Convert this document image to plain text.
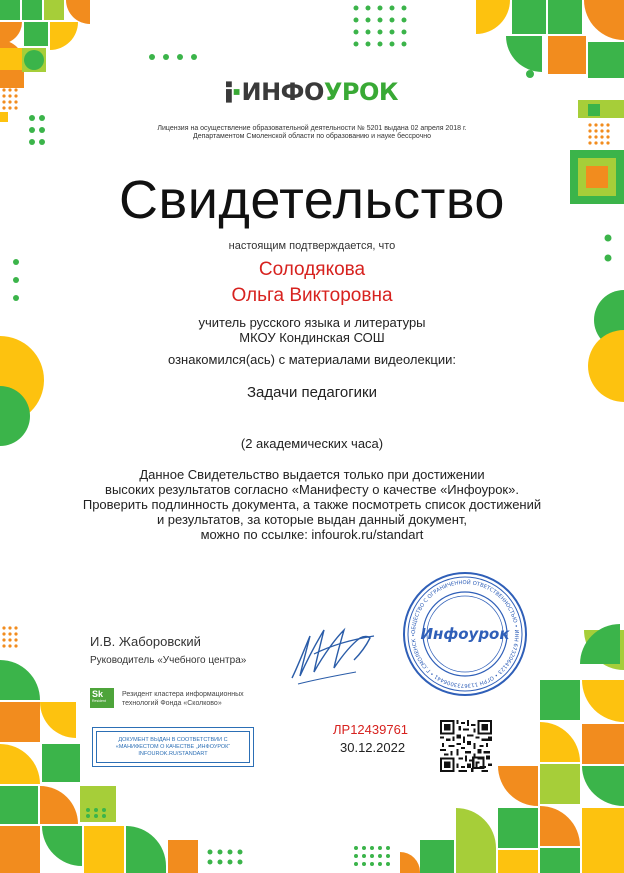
ИНФОУРОК
Лицензия на осуществление образовательной деятельности № 5201 выдана 02 апреля 2018 г.
Департаментом Смоленской области по образованию и науке бессрочно
Свидетельство
настоящим подтверждается, что
Солодякова
Ольга Викторовна
учитель русского языка и литературы
МКОУ Кондинская СОШ
ознакомился(ась) с материалами видеолекции:
Задачи педагогики
(2 академических часа)
Данное Свидетельство выдается только при достижении
высоких результатов согласно «Манифесту о качестве «Инфоурок».
Проверить подлинность документа, а также посмотреть список достижений
и результатов, за которые выдан данный документ,
можно по ссылке: infourok.ru/standart
И.В. Жаборовский
Руководитель «Учебного центра»
ОБЩЕСТВО С ОГРАНИЧЕННОЙ ОТВЕТСТВЕННОСТЬЮ • ИНН 6732064123 • ОГРН 1136733006441 • Г.СМОЛЕНСК • Инфоурок
Sk
Resident
Резидент кластера информационных
технологий Фонда «Сколково»
ДОКУМЕНТ ВЫДАН В СООТВЕТСТВИИ С
«МАНИФЕСТОМ О КАЧЕСТВЕ „ИНФОУРОК“
INFOUROK.RU/STANDART
ЛР12439761
30.12.2022
